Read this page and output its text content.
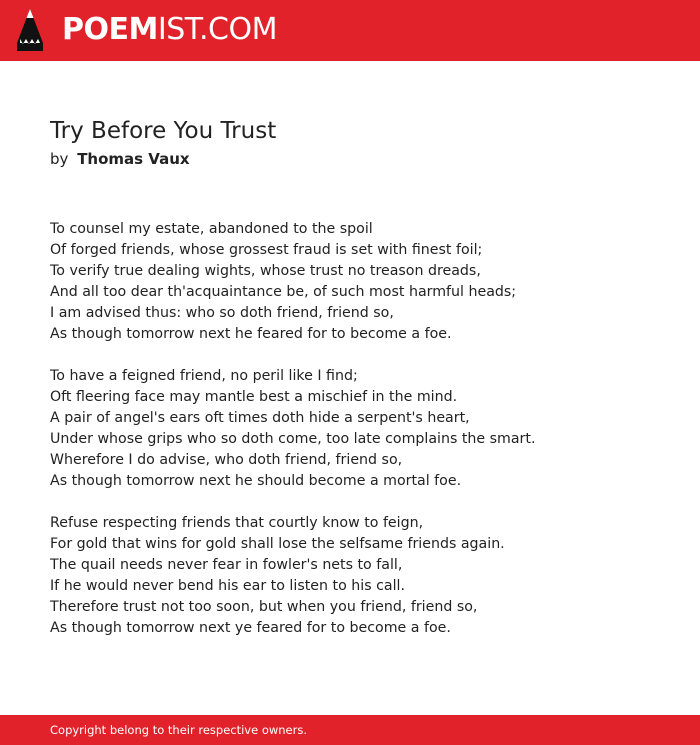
POEMIST.COM
Try Before You Trust
by Thomas Vaux
To counsel my estate, abandoned to the spoil
Of forged friends, whose grossest fraud is set with finest foil;
To verify true dealing wights, whose trust no treason dreads,
And all too dear th'acquaintance be, of such most harmful heads;
I am advised thus: who so doth friend, friend so,
As though tomorrow next he feared for to become a foe.
To have a feigned friend, no peril like I find;
Oft fleering face may mantle best a mischief in the mind.
A pair of angel's ears oft times doth hide a serpent's heart,
Under whose grips who so doth come, too late complains the smart.
Wherefore I do advise, who doth friend, friend so,
As though tomorrow next he should become a mortal foe.
Refuse respecting friends that courtly know to feign,
For gold that wins for gold shall lose the selfsame friends again.
The quail needs never fear in fowler's nets to fall,
If he would never bend his ear to listen to his call.
Therefore trust not too soon, but when you friend, friend so,
As though tomorrow next ye feared for to become a foe.
Copyright belong to their respective owners.
